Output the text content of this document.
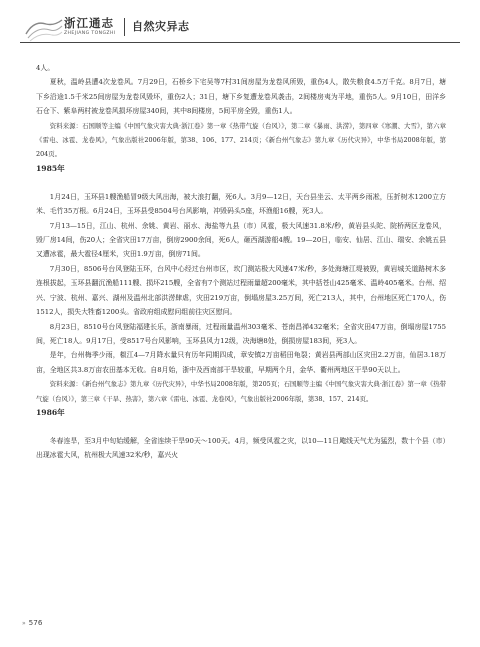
浙江通志
ZHEJIANG TONGZHI
自然灾异志

4人。

夏秋，温岭县遭4次龙卷风。7月29日，石桥乡下宅吴等7村31间房屋为龙卷风所毁，重伤4人，散失粮食4.5万千克。8月7日，塘下乡沿途1.5千米25间房屋为龙卷风毁坏，重伤2人；31日，塘下乡复遭龙卷风袭击，2间楼房夷为平地，重伤5人。9月10日，田洋乡石仓下、紫阜两村被龙卷风损坏房屋340间，其中8间楼房，5间平房全毁，重伤1人。

资料来源：石国顺等主编《中国气象灾害大典·浙江卷》第一章《热带气旋（台风）》，第二章《暴雨、洪涝》，第四章《寒潮、大雪》，第六章《雷电、冰雹、龙卷风》，气象出版社2006年版，第38、106、177、214页；《新台州气象志》第九章《历代灾异》，中华书局2008年版，第204页。

1985年

1月24日，玉环县1艘渔船冒9级大风出海，被大浪打翻，死6人。3月9—12日，天台县坐云、太平两乡雨凇，压折树木1200立方米、毛竹35万根。6月24日，玉环县受8504号台风影响，冲毁码头5座，坏渔船16艘，死3人。

7月13—15日，江山、杭州、余姚、黄岩、丽水、海盐等九县（市）风雹，极大风速31.8米/秒，黄岩县头陀、院桥两区龙卷风，毁厂房14间，伤20人；全省灾田17万亩，倒房2900余间，死6人，砸西湖游船4艘。19—20日，临安、仙居、江山、瑞安、余姚五县又遭冰雹，最大雹径4厘米，灾田1.9万亩，倒房71间。

7月30日，8506号台风登陆玉环，台风中心经过台州市区，坎门测站极大风速47米/秒，多处海塘江堤被毁，黄岩城关道路树木多连根拔起，玉环县翻沉渔船111艘、损坏215艘，全省有7个测站过程雨量超200毫米，其中括苍山425毫米、温岭405毫米。台州、绍兴、宁波、杭州、嘉兴、湖州及温州北部洪涝肆虐，灾田219万亩，倒塌房屋3.25万间，死亡213人，其中，台州地区死亡170人，伤1512人，损失大牲畜1200头。省政府组成慰问组前往灾区慰问。

8月23日，8510号台风登陆福建长乐，浙南暴雨，过程雨量温州303毫米、苍南昌禅432毫米；全省灾田47万亩，倒塌房屋1755间，死亡18人。9月17日，受8517号台风影响，玉环县风力12级，决海塘8处，倒损房屋183间，死3人。

是年，台州梅季少雨，椒江4—7月降水量只有历年同期四成，章安镇2万亩稻田龟裂；黄岩县两部山区灾田2.2万亩，仙居3.18万亩，全地区共3.8万亩农田基本无收。自8月始，浙中及西南部干旱较重，早期两个月，金华、衢州两地区干旱90天以上。

资料来源：《新台州气象志》第九章《历代灾异》，中华书局2008年版，第205页；石国顺等主编《中国气象灾害大典·浙江卷》第一章《热带气旋（台风）》，第三章《干旱、热害》，第六章《雷电、冰雹、龙卷风》，气象出版社2006年版，第38、157、214页。

1986年

冬春连旱，至3月中旬始缓解，全省连续干旱90天～100天。4月，频受风雹之灾，以10—11日飑线天气尤为猛烈，数十个县（市）出现冰雹大风，杭州极大风速32米/秒，嘉兴火

» 576
